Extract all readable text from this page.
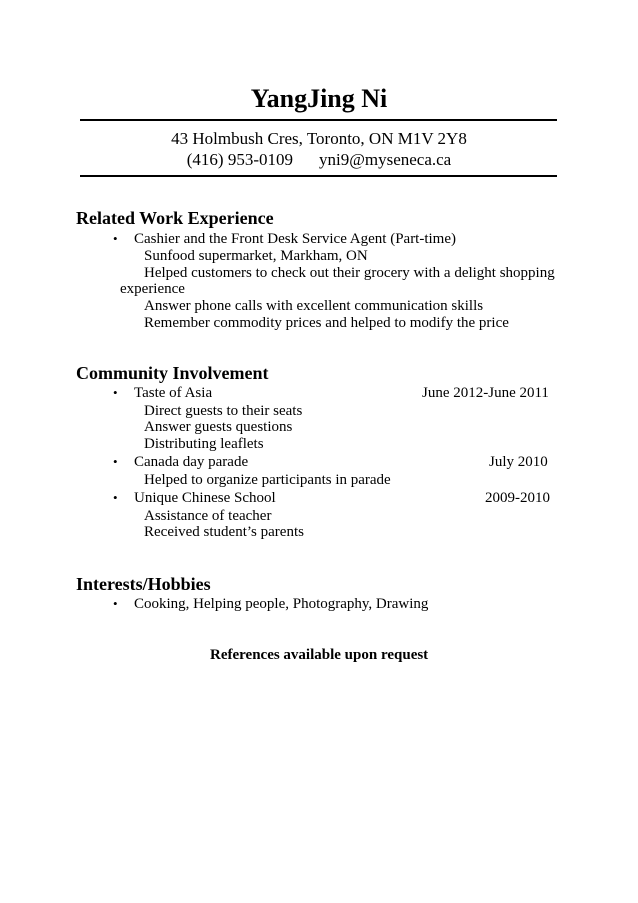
YangJing Ni
43 Holmbush Cres, Toronto, ON M1V 2Y8
(416) 953-0109 yni9@myseneca.ca
Related Work Experience
• Cashier and the Front Desk Service Agent (Part-time)
Sunfood supermarket, Markham, ON
Helped customers to check out their grocery with a delight shopping
experience
Answer phone calls with excellent communication skills
Remember commodity prices and helped to modify the price
Community Involvement
• Taste of Asia	June 2012-June 2011
Direct guests to their seats
Answer guests questions
Distributing leaflets
• Canada day parade	July 2010
Helped to organize participants in parade
• Unique Chinese School	2009-2010
Assistance of teacher
Received student’s parents
Interests/Hobbies
• Cooking, Helping people, Photography, Drawing
References available upon request
